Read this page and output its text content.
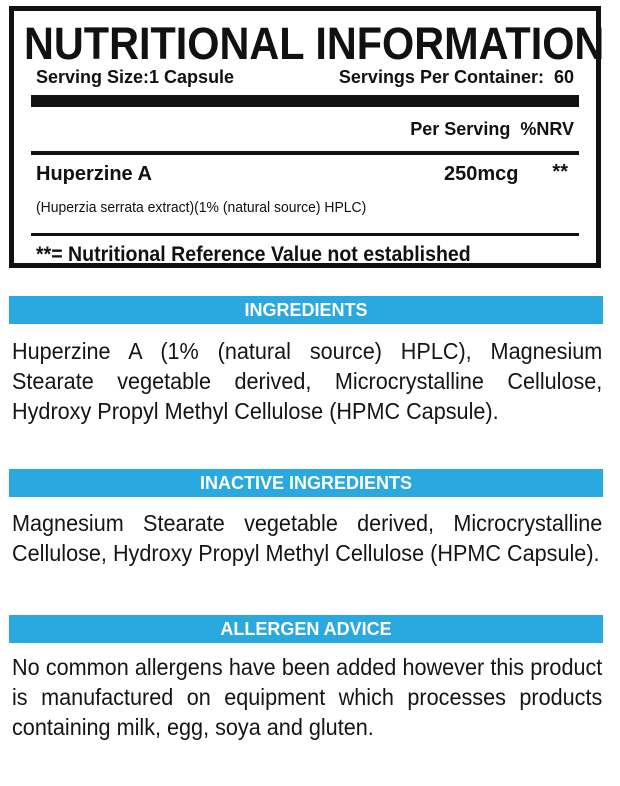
NUTRITIONAL INFORMATION
Serving Size:1 Capsule	Servings Per Container:  60
Per Serving %NRV
Huperzine A	250mcg **
(Huperzia serrata extract)(1% (natural source) HPLC)
**= Nutritional Reference Value not established
INGREDIENTS
Huperzine A (1% (natural source) HPLC), Magnesium Stearate vegetable derived, Microcrystalline Cellulose, Hydroxy Propyl Methyl Cellulose (HPMC Capsule).
INACTIVE INGREDIENTS
Magnesium Stearate vegetable derived, Microcrystalline Cellulose, Hydroxy Propyl Methyl Cellulose (HPMC Capsule).
ALLERGEN ADVICE
No common allergens have been added however this product is manufactured on equipment which processes products containing milk, egg, soya and gluten.
